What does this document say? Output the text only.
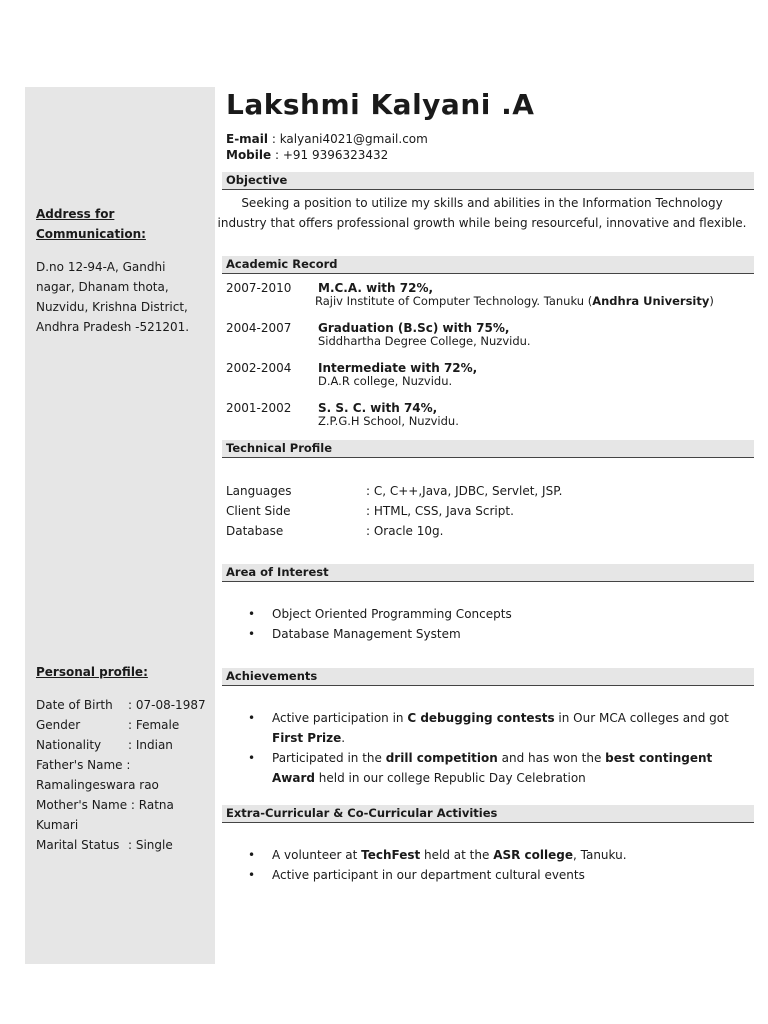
Address for
Communication:
D.no 12-94-A, Gandhi
nagar, Dhanam thota,
Nuzvidu, Krishna District,
Andhra Pradesh -521201.
Personal profile:
Date of Birth : 07-08-1987
Gender	: Female
Nationality : Indian
Father's Name :
Ramalingeswara rao
Mother's Name : Ratna
Kumari
Marital Status : Single
Lakshmi Kalyani .A
E-mail : kalyani4021@gmail.com
Mobile : +91 9396323432
Objective
Seeking a position to utilize my skills and abilities in the Information Technology
industry that offers professional growth while being resourceful, innovative and flexible.
Academic Record
2007-2010 M.C.A. with 72%,
Rajiv Institute of Computer Technology. Tanuku (Andhra University)
2004-2007 Graduation (B.Sc) with 75%,
Siddhartha Degree College, Nuzvidu.
2002-2004 Intermediate with 72%,
D.A.R college, Nuzvidu.
2001-2002 S. S. C. with 74%,
Z.P.G.H School, Nuzvidu.
Technical Profile
Languages	: C, C++,Java, JDBC, Servlet, JSP.
Client Side	: HTML, CSS, Java Script.
Database	: Oracle 10g.
Area of Interest
• Object Oriented Programming Concepts
• Database Management System
Achievements
• Active participation in C debugging contests in Our MCA colleges and got
First Prize.
• Participated in the drill competition and has won the best contingent
Award held in our college Republic Day Celebration
Extra-Curricular & Co-Curricular Activities
• A volunteer at TechFest held at the ASR college, Tanuku.
• Active participant in our department cultural events
